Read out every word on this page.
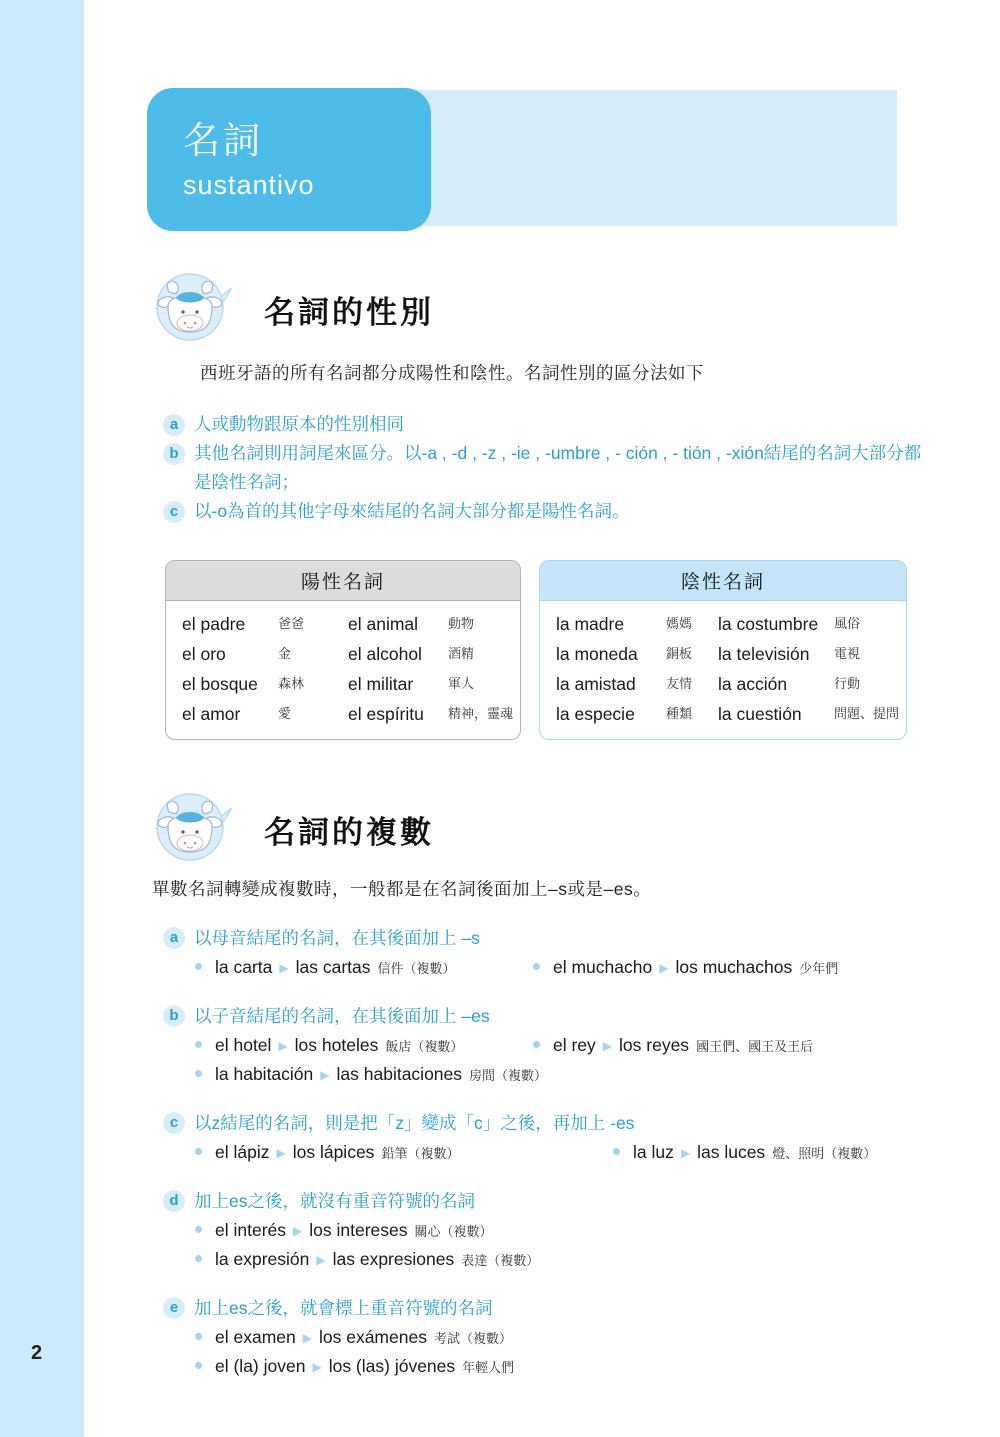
2
名詞
sustantivo
名詞的性別
西班牙語的所有名詞都分成陽性和陰性。名詞性別的區分法如下
a 人或動物跟原本的性別相同
b 其他名詞則用詞尾來區分。以-a , -d , -z , -ie , -umbre , - ción , - tión , -xión結尾的名詞大部分都是陰性名詞；
c 以-o為首的其他字母來結尾的名詞大部分都是陽性名詞。
陽性名詞
el padre	爸爸	el animal	動物
el oro	金	el alcohol	酒精
el bosque	森林	el militar	軍人
el amor	愛	el espíritu	精神，靈魂
陰性名詞
la madre	媽媽	la costumbre	風俗
la moneda	銅板	la televisión	電視
la amistad	友情	la acción	行動
la especie	種類	la cuestión	問題、提問
名詞的複數
單數名詞轉變成複數時，一般都是在名詞後面加上–s或是–es。
a 以母音結尾的名詞，在其後面加上 –s
la carta ▶ las cartas 信件（複數）	el muchacho ▶ los muchachos 少年們
b 以子音結尾的名詞，在其後面加上 –es
el hotel ▶ los hoteles 飯店（複數）	el rey ▶ los reyes 國王們、國王及王后
la habitación ▶ las habitaciones 房間（複數）
c 以z結尾的名詞，則是把「z」變成「c」之後，再加上 -es
el lápiz ▶ los lápices 鉛筆（複數）	la luz ▶ las luces 燈、照明（複數）
d 加上es之後，就沒有重音符號的名詞
el interés ▶ los intereses 關心（複數）
la expresión ▶ las expresiones 表達（複數）
e 加上es之後，就會標上重音符號的名詞
el examen ▶ los exámenes 考試（複數）
el (la) joven ▶ los (las) jóvenes 年輕人們
